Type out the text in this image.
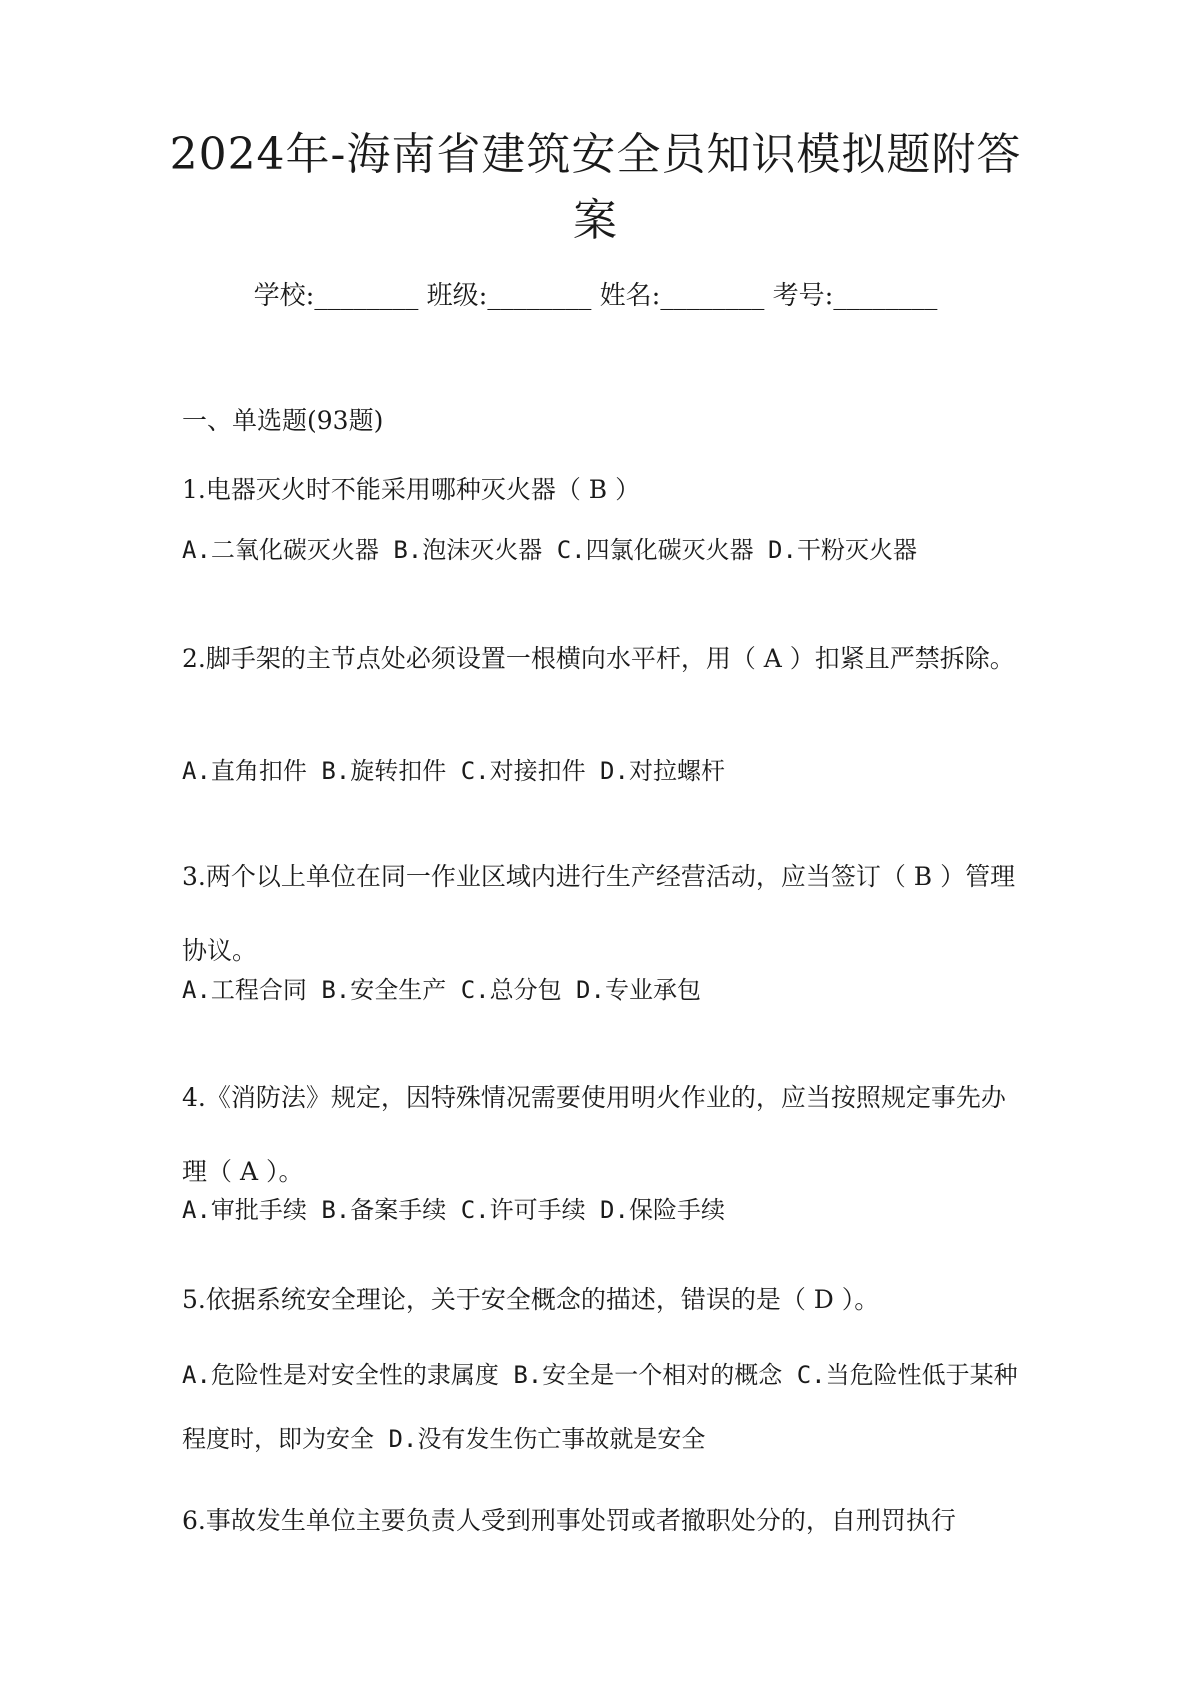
2024年-海南省建筑安全员知识模拟题附答
案
学校:________ 班级:________ 姓名:________ 考号:________
一、单选题(93题)

1.电器灭火时不能采用哪种灭火器（ B ）

A.二氧化碳灭火器 B.泡沫灭火器 C.四氯化碳灭火器 D.干粉灭火器

2.脚手架的主节点处必须设置一根横向水平杆，用（ A ）扣紧且严禁拆除。

A.直角扣件 B.旋转扣件 C.对接扣件 D.对拉螺杆

3.两个以上单位在同一作业区域内进行生产经营活动，应当签订（ B ）管理协议。

A.工程合同 B.安全生产 C.总分包 D.专业承包

4.《消防法》规定，因特殊情况需要使用明火作业的，应当按照规定事先办理（ A ）。

A.审批手续 B.备案手续 C.许可手续 D.保险手续

5.依据系统安全理论，关于安全概念的描述，错误的是（ D ）。

A.危险性是对安全性的隶属度 B.安全是一个相对的概念 C.当危险性低于某种程度时，即为安全 D.没有发生伤亡事故就是安全

6.事故发生单位主要负责人受到刑事处罚或者撤职处分的，自刑罚执行
